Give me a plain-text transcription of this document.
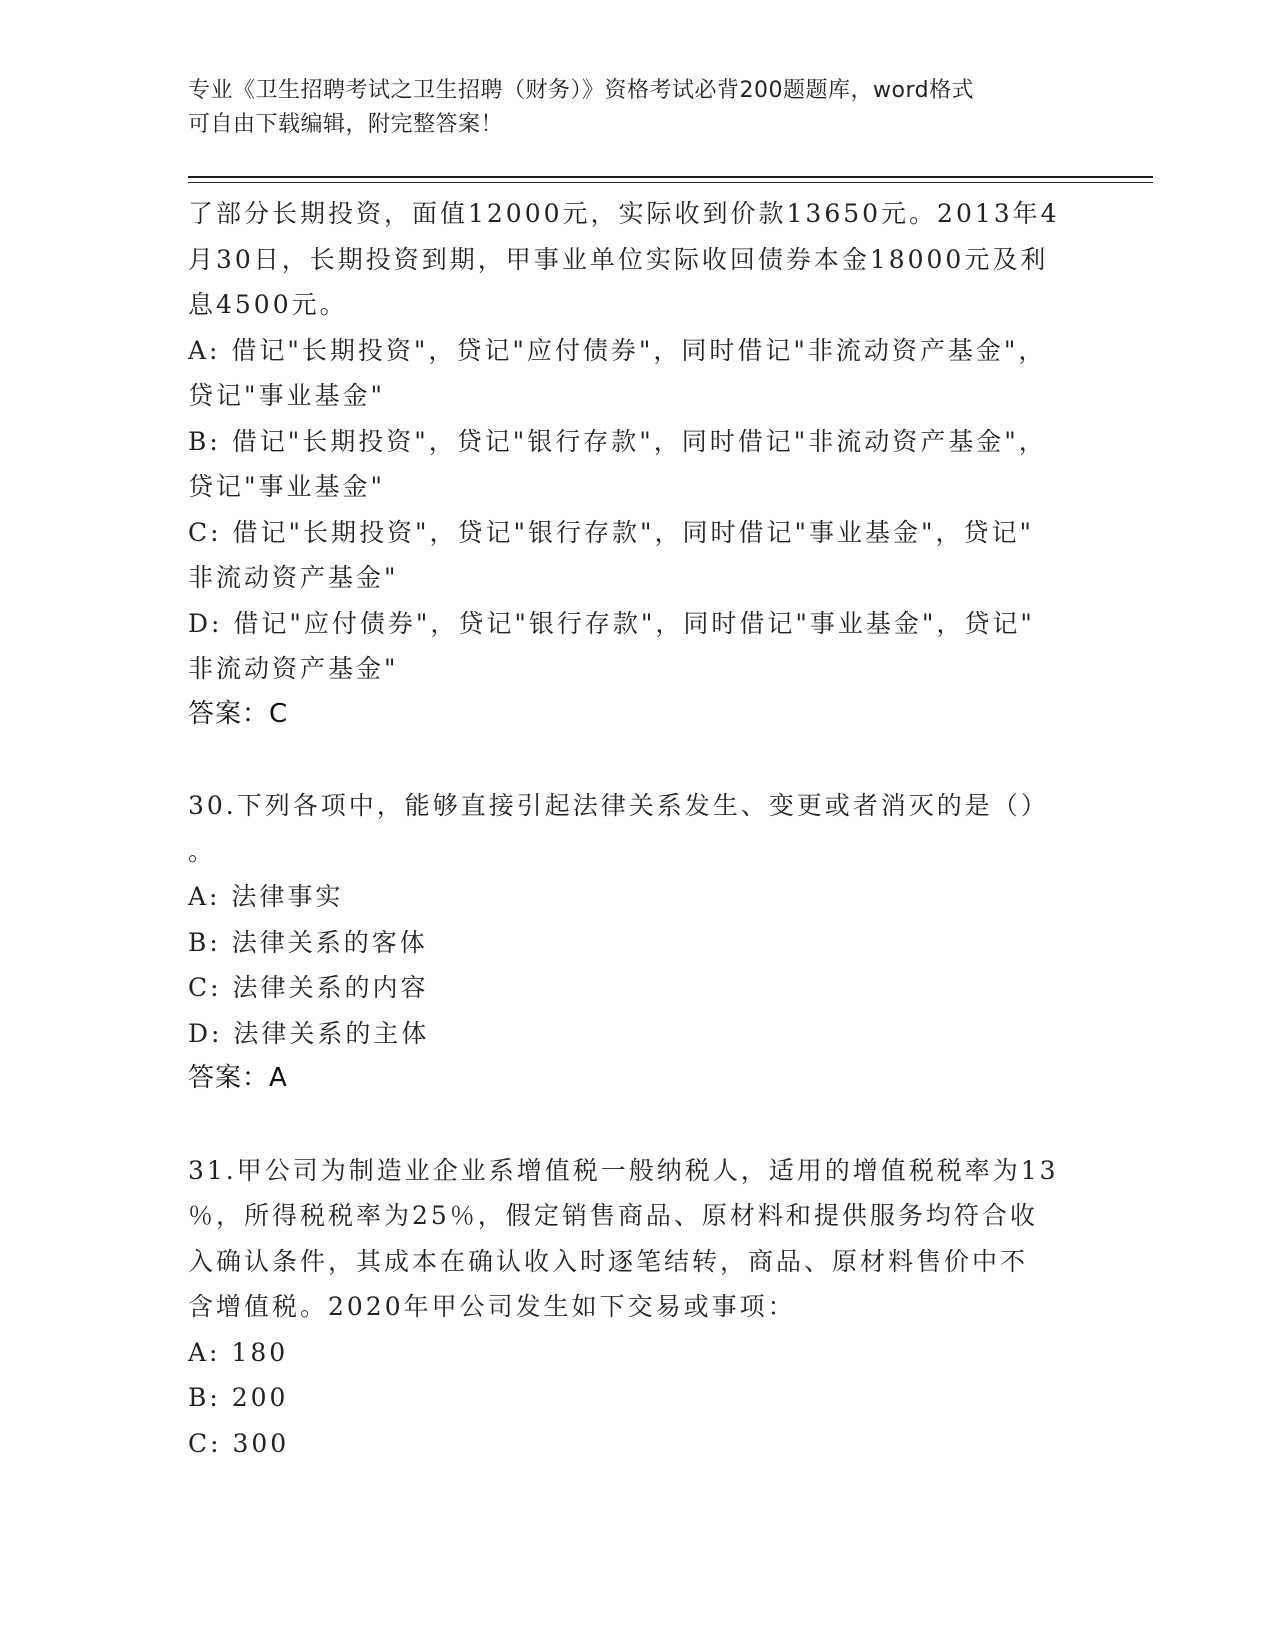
专业《卫生招聘考试之卫生招聘（财务）》资格考试必背200题题库，word格式
可自由下载编辑，附完整答案！
了部分长期投资，面值12000元，实际收到价款13650元。2013年4
月30日，长期投资到期，甲事业单位实际收回债券本金18000元及利
息4500元。
A: 借记"长期投资"，贷记"应付债券"，同时借记"非流动资产基金"，
贷记"事业基金"
B: 借记"长期投资"，贷记"银行存款"，同时借记"非流动资产基金"，
贷记"事业基金"
C: 借记"长期投资"，贷记"银行存款"，同时借记"事业基金"，贷记"
非流动资产基金"
D: 借记"应付债券"，贷记"银行存款"，同时借记"事业基金"，贷记"
非流动资产基金"
答案：C
30.下列各项中，能够直接引起法律关系发生、变更或者消灭的是（）
。
A: 法律事实
B: 法律关系的客体
C: 法律关系的内容
D: 法律关系的主体
答案：A
31.甲公司为制造业企业系增值税一般纳税人，适用的增值税税率为13
％，所得税税率为25％，假定销售商品、原材料和提供服务均符合收
入确认条件，其成本在确认收入时逐笔结转，商品、原材料售价中不
含增值税。2020年甲公司发生如下交易或事项：
A: 180
B: 200
C: 300
